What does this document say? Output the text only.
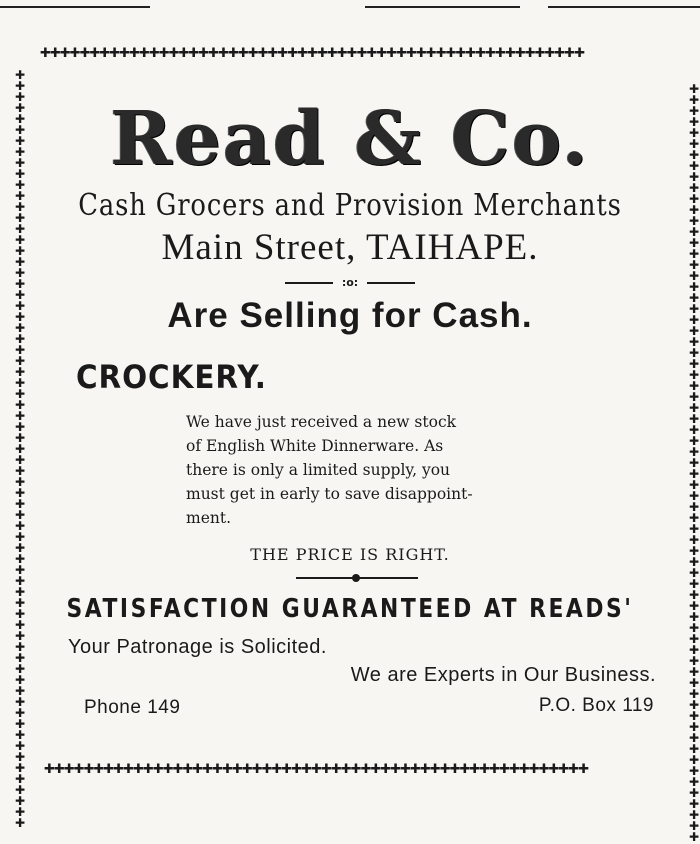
✚✚✚✚✚✚✚✚✚✚✚✚✚✚✚✚✚✚✚✚✚✚✚✚✚✚✚✚✚✚✚✚✚✚✚✚✚✚✚✚✚✚✚✚✚✚✚✚✚✚✚✚✚✚✚
✚✚✚✚✚✚✚✚✚✚✚✚✚✚✚✚✚✚✚✚✚✚✚✚✚✚✚✚✚✚✚✚✚✚✚✚✚✚✚✚✚✚✚✚✚✚✚✚✚✚✚✚✚✚✚
✚✚✚✚✚✚✚✚✚✚✚✚✚✚✚✚✚✚✚✚✚✚✚✚✚✚✚✚✚✚✚✚✚✚✚✚✚✚✚✚✚✚✚✚✚✚✚✚✚✚✚✚✚✚✚✚✚✚✚✚✚✚✚✚✚✚✚✚✚
✚✚✚✚✚✚✚✚✚✚✚✚✚✚✚✚✚✚✚✚✚✚✚✚✚✚✚✚✚✚✚✚✚✚✚✚✚✚✚✚✚✚✚✚✚✚✚✚✚✚✚✚✚✚✚✚✚✚✚✚✚✚✚✚✚✚✚✚✚
Read & Co.
Cash Grocers and Provision Merchants
Main Street, TAIHAPE.
:o:
Are Selling for Cash.
CROCKERY.
We have just received a new stock
of English White Dinnerware. As
there is only a limited supply, you
must get in early to save disappoint-
ment.
THE PRICE IS RIGHT.
SATISFACTION GUARANTEED AT READS'
Your Patronage is Solicited.
We are Experts in Our Business.
Phone 149	P.O. Box 119
